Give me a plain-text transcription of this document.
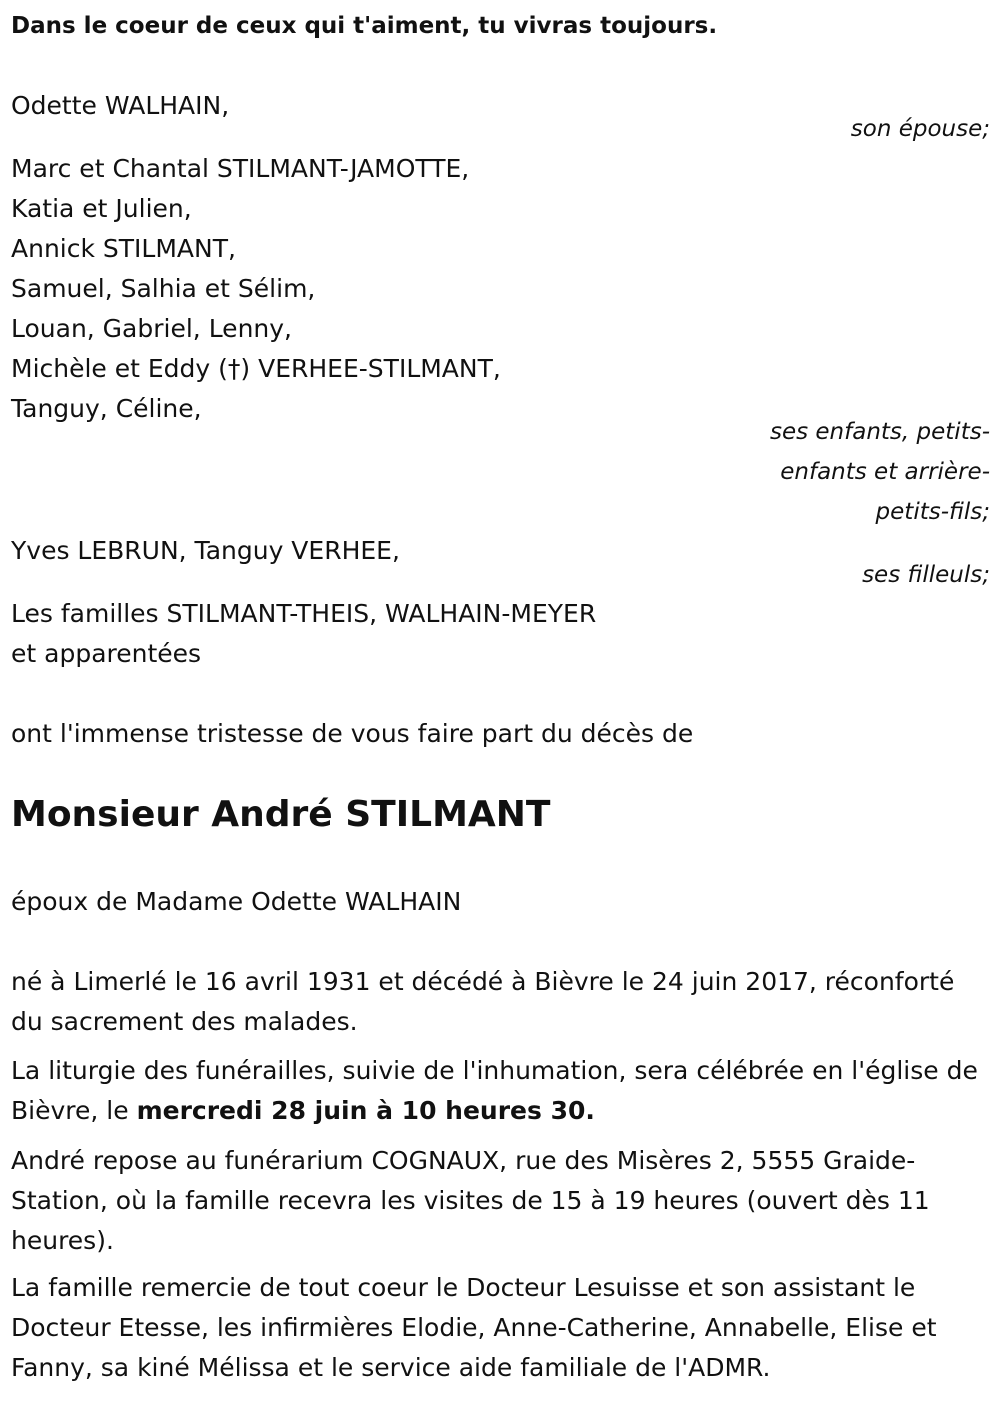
Dans le coeur de ceux qui t'aiment, tu vivras toujours.

Odette WALHAIN,

son épouse;

Marc et Chantal STILMANT-JAMOTTE,

Katia et Julien,

Annick STILMANT,

Samuel, Salhia et Sélim,

Louan, Gabriel, Lenny,

Michèle et Eddy (†) VERHEE-STILMANT,

Tanguy, Céline,

ses enfants, petits-

enfants et arrière-

petits-fils;

Yves LEBRUN, Tanguy VERHEE,

ses filleuls;

Les familles STILMANT-THEIS, WALHAIN-MEYER

et apparentées

ont l'immense tristesse de vous faire part du décès de

Monsieur André STILMANT

époux de Madame Odette WALHAIN

né à Limerlé le 16 avril 1931 et décédé à Bièvre le 24 juin 2017, réconforté du sacrement des malades.

La liturgie des funérailles, suivie de l'inhumation, sera célébrée en l'église de Bièvre, le mercredi 28 juin à 10 heures 30.

André repose au funérarium COGNAUX, rue des Misères 2, 5555 Graide-Station, où la famille recevra les visites de 15 à 19 heures (ouvert dès 11 heures).

La famille remercie de tout coeur le Docteur Lesuisse et son assistant le Docteur Etesse, les infirmières Elodie, Anne-Catherine, Annabelle, Elise et Fanny, sa kiné Mélissa et le service aide familiale de l'ADMR.
